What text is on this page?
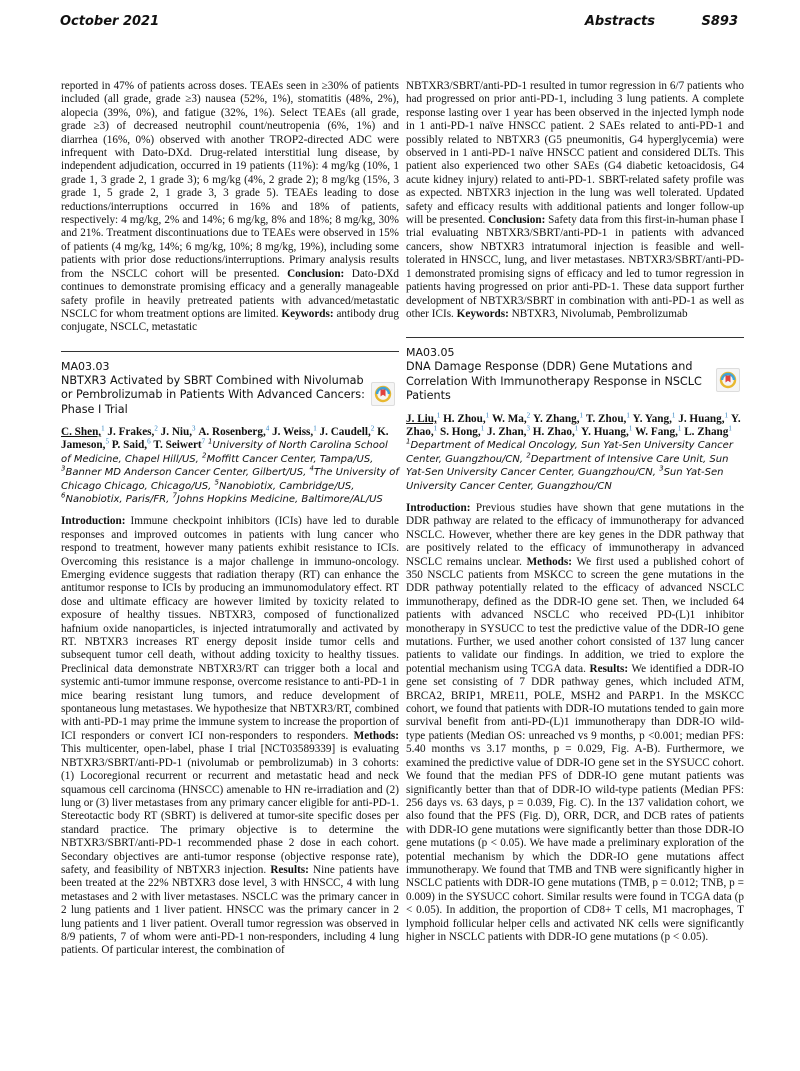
October 2021	Abstracts	S893

reported in 47% of patients across doses. TEAEs seen in ≥30% of patients included (all grade, grade ≥3) nausea (52%, 1%), stomatitis (48%, 2%), alopecia (39%, 0%), and fatigue (32%, 1%). Select TEAEs (all grade, grade ≥3) of decreased neutrophil count/neutropenia (6%, 1%) and diarrhea (16%, 0%) observed with another TROP2-directed ADC were infrequent with Dato-DXd. Drug-related interstitial lung disease, by independent adjudication, occurred in 19 patients (11%): 4 mg/kg (10%, 1 grade 1, 3 grade 2, 1 grade 3); 6 mg/kg (4%, 2 grade 2); 8 mg/kg (15%, 3 grade 1, 5 grade 2, 1 grade 3, 3 grade 5). TEAEs leading to dose reductions/interruptions occurred in 16% and 18% of patients, respectively: 4 mg/kg, 2% and 14%; 6 mg/kg, 8% and 18%; 8 mg/kg, 30% and 21%. Treatment discontinuations due to TEAEs were observed in 15% of patients (4 mg/kg, 14%; 6 mg/kg, 10%; 8 mg/kg, 19%), including some patients with prior dose reductions/interruptions. Primary analysis results from the NSCLC cohort will be presented. Conclusion: Dato-DXd continues to demonstrate promising efficacy and a generally manageable safety profile in heavily pretreated patients with advanced/metastatic NSCLC for whom treatment options are limited. Keywords: antibody drug conjugate, NSCLC, metastatic

MA03.03
NBTXR3 Activated by SBRT Combined with Nivolumab or Pembrolizumab in Patients With Advanced Cancers: Phase I Trial

C. Shen,$^1$ J. Frakes,$^2$ J. Niu,$^3$ A. Rosenberg,$^4$ J. Weiss,$^1$ J. Caudell,$^2$ K. Jameson,$^5$ P. Said,$^6$ T. Seiwert$^7$ $^1$University of North Carolina School of Medicine, Chapel Hill/US, $^2$Moffitt Cancer Center, Tampa/US, $^3$Banner MD Anderson Cancer Center, Gilbert/US, $^4$The University of Chicago Chicago, Chicago/US, $^5$Nanobiotix, Cambridge/US, $^6$Nanobiotix, Paris/FR, $^7$Johns Hopkins Medicine, Baltimore/AL/US

Introduction: Immune checkpoint inhibitors (ICIs) have led to durable responses and improved outcomes in patients with lung cancer who respond to treatment, however many patients exhibit resistance to ICIs. Overcoming this resistance is a major challenge in immuno-oncology. Emerging evidence suggests that radiation therapy (RT) can enhance the antitumor response to ICIs by producing an immunomodulatory effect. RT dose and ultimate efficacy are however limited by toxicity related to exposure of healthy tissues. NBTXR3, composed of functionalized hafnium oxide nanoparticles, is injected intratumorally and activated by RT. NBTXR3 increases RT energy deposit inside tumor cells and subsequent tumor cell death, without adding toxicity to healthy tissues. Preclinical data demonstrate NBTXR3/RT can trigger both a local and systemic anti-tumor immune response, overcome resistance to anti-PD-1 in mice bearing resistant lung tumors, and reduce development of spontaneous lung metastases. We hypothesize that NBTXR3/RT, combined with anti-PD-1 may prime the immune system to increase the proportion of ICI responders or convert ICI non-responders to responders. Methods: This multicenter, open-label, phase I trial [NCT03589339] is evaluating NBTXR3/SBRT/anti-PD-1 (nivolumab or pembrolizumab) in 3 cohorts: (1) Locoregional recurrent or recurrent and metastatic head and neck squamous cell carcinoma (HNSCC) amenable to HN re-irradiation and (2) lung or (3) liver metastases from any primary cancer eligible for anti-PD-1. Stereotactic body RT (SBRT) is delivered at tumor-site specific doses per standard practice. The primary objective is to determine the NBTXR3/SBRT/anti-PD-1 recommended phase 2 dose in each cohort. Secondary objectives are anti-tumor response (objective response rate), safety, and feasibility of NBTXR3 injection. Results: Nine patients have been treated at the 22% NBTXR3 dose level, 3 with HNSCC, 4 with lung metastases and 2 with liver metastases. NSCLC was the primary cancer in 2 lung patients and 1 liver patient. HNSCC was the primary cancer in 2 lung patients and 1 liver patient. Overall tumor regression was observed in 8/9 patients, 7 of whom were anti-PD-1 non-responders, including 4 lung patients. Of particular interest, the combination of

NBTXR3/SBRT/anti-PD-1 resulted in tumor regression in 6/7 patients who had progressed on prior anti-PD-1, including 3 lung patients. A complete response lasting over 1 year has been observed in the injected lymph node in 1 anti-PD-1 naïve HNSCC patient. 2 SAEs related to anti-PD-1 and possibly related to NBTXR3 (G5 pneumonitis, G4 hyperglycemia) were observed in 1 anti-PD-1 naïve HNSCC patient and considered DLTs. This patient also experienced two other SAEs (G4 diabetic ketoacidosis, G4 acute kidney injury) related to anti-PD-1. SBRT-related safety profile was as expected. NBTXR3 injection in the lung was well tolerated. Updated safety and efficacy results with additional patients and longer follow-up will be presented. Conclusion: Safety data from this first-in-human phase I trial evaluating NBTXR3/SBRT/anti-PD-1 in patients with advanced cancers, show NBTXR3 intratumoral injection is feasible and well-tolerated in HNSCC, lung, and liver metastases. NBTXR3/SBRT/anti-PD-1 demonstrated promising signs of efficacy and led to tumor regression in patients having progressed on prior anti-PD-1. These data support further development of NBTXR3/SBRT in combination with anti-PD-1 as well as other ICIs. Keywords: NBTXR3, Nivolumab, Pembrolizumab

MA03.05
DNA Damage Response (DDR) Gene Mutations and Correlation With Immunotherapy Response in NSCLC Patients

J. Liu,$^1$ H. Zhou,$^1$ W. Ma,$^2$ Y. Zhang,$^1$ T. Zhou,$^1$ Y. Yang,$^1$ J. Huang,$^1$ Y. Zhao,$^1$ S. Hong,$^1$ J. Zhan,$^3$ H. Zhao,$^1$ Y. Huang,$^1$ W. Fang,$^1$ L. Zhang$^1$ $^1$Department of Medical Oncology, Sun Yat-Sen University Cancer Center, Guangzhou/CN, $^2$Department of Intensive Care Unit, Sun Yat-Sen University Cancer Center, Guangzhou/CN, $^3$Sun Yat-Sen University Cancer Center, Guangzhou/CN

Introduction: Previous studies have shown that gene mutations in the DDR pathway are related to the efficacy of immunotherapy for advanced NSCLC. However, whether there are key genes in the DDR pathway that are positively related to the efficacy of immunotherapy in advanced NSCLC remains unclear. Methods: We first used a published cohort of 350 NSCLC patients from MSKCC to screen the gene mutations in the DDR pathway potentially related to the efficacy of advanced NSCLC immunotherapy, defined as the DDR-IO gene set. Then, we included 64 patients with advanced NSCLC who received PD-(L)1 inhibitor monotherapy in SYSUCC to test the predictive value of the DDR-IO gene mutations. Further, we used another cohort consisted of 137 lung cancer patients to validate our findings. In addition, we tried to explore the potential mechanism using TCGA data. Results: We identified a DDR-IO gene set consisting of 7 DDR pathway genes, which included ATM, BRCA2, BRIP1, MRE11, POLE, MSH2 and PARP1. In the MSKCC cohort, we found that patients with DDR-IO mutations tended to gain more survival benefit from anti-PD-(L)1 immunotherapy than DDR-IO wild-type patients (Median OS: unreached vs 9 months, p <0.001; median PFS: 5.40 months vs 3.17 months, p = 0.029, Fig. A-B). Furthermore, we examined the predictive value of DDR-IO gene set in the SYSUCC cohort. We found that the median PFS of DDR-IO gene mutant patients was significantly better than that of DDR-IO wild-type patients (Median PFS: 256 days vs. 63 days, p = 0.039, Fig. C). In the 137 validation cohort, we also found that the PFS (Fig. D), ORR, DCR, and DCB rates of patients with DDR-IO gene mutations were significantly better than those DDR-IO gene mutations (p < 0.05). We have made a preliminary exploration of the potential mechanism by which the DDR-IO gene mutations affect immunotherapy. We found that TMB and TNB were significantly higher in NSCLC patients with DDR-IO gene mutations (TMB, p = 0.012; TNB, p = 0.009) in the SYSUCC cohort. Similar results were found in TCGA data (p < 0.05). In addition, the proportion of CD8+ T cells, M1 macrophages, T lymphoid follicular helper cells and activated NK cells were significantly higher in NSCLC patients with DDR-IO gene mutations (p < 0.05).
